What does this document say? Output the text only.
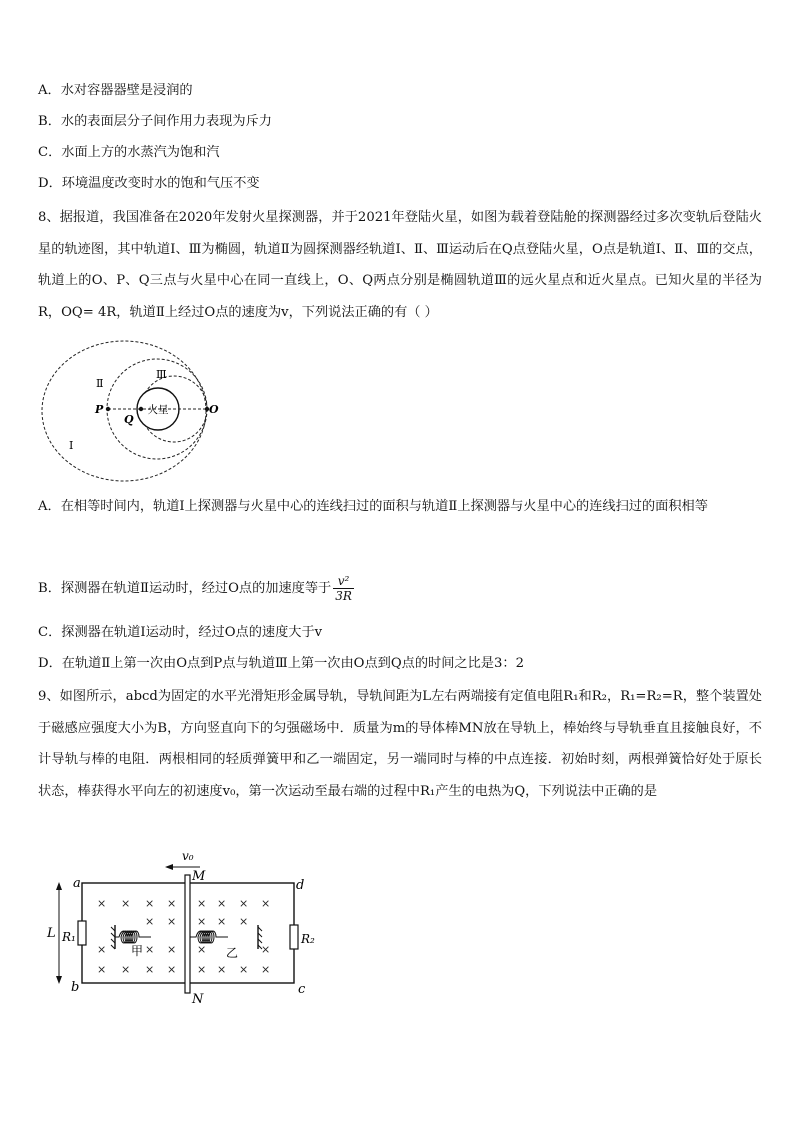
A．水对容器器壁是浸润的
B．水的表面层分子间作用力表现为斥力
C．水面上方的水蒸汽为饱和汽
D．环境温度改变时水的饱和气压不变
8、据报道，我国准备在2020年发射火星探测器，并于2021年登陆火星，如图为载着登陆舱的探测器经过多次变轨后登陆火星的轨迹图，其中轨道Ⅰ、Ⅲ为椭圆，轨道Ⅱ为圆探测器经轨道Ⅰ、Ⅱ、Ⅲ运动后在Q点登陆火星，O点是轨道Ⅰ、Ⅱ、Ⅲ的交点，轨道上的O、P、Q三点与火星中心在同一直线上，O、Q两点分别是椭圆轨道Ⅲ的远火星点和近火星点。已知火星的半径为R，OQ= 4R，轨道Ⅱ上经过O点的速度为v，下列说法正确的有（ ）
火星
P
Q
O
Ⅱ
Ⅲ
Ⅰ
A．在相等时间内，轨道Ⅰ上探测器与火星中心的连线扫过的面积与轨道Ⅱ上探测器与火星中心的连线扫过的面积相等
B．探测器在轨道Ⅱ运动时，经过O点的加速度等于 $\frac{\text{v²}}{3R}$
C．探测器在轨道Ⅰ运动时，经过O点的速度大于v
D．在轨道Ⅱ上第一次由O点到P点与轨道Ⅲ上第一次由O点到Q点的时间之比是3：2
9、如图所示，abcd为固定的水平光滑矩形金属导轨，导轨间距为L左右两端接有定值电阻R₁和R₂，R₁=R₂=R，整个装置处于磁感应强度大小为B，方向竖直向下的匀强磁场中．质量为m的导体棒MN放在导轨上，棒始终与导轨垂直且接触良好，不计导轨与棒的电阻．两根相同的轻质弹簧甲和乙一端固定，另一端同时与棒的中点连接．初始时刻，两根弹簧恰好处于原长状态，棒获得水平向左的初速度v₀，第一次运动至最右端的过程中R₁产生的电热为Q，下列说法中正确的是
× × × × × × × ×
× × × × ×
×	× × ×	×
× × × × × × × ×
a
b	c
d
M
N
L R₁	R₂
v₀
甲	乙
